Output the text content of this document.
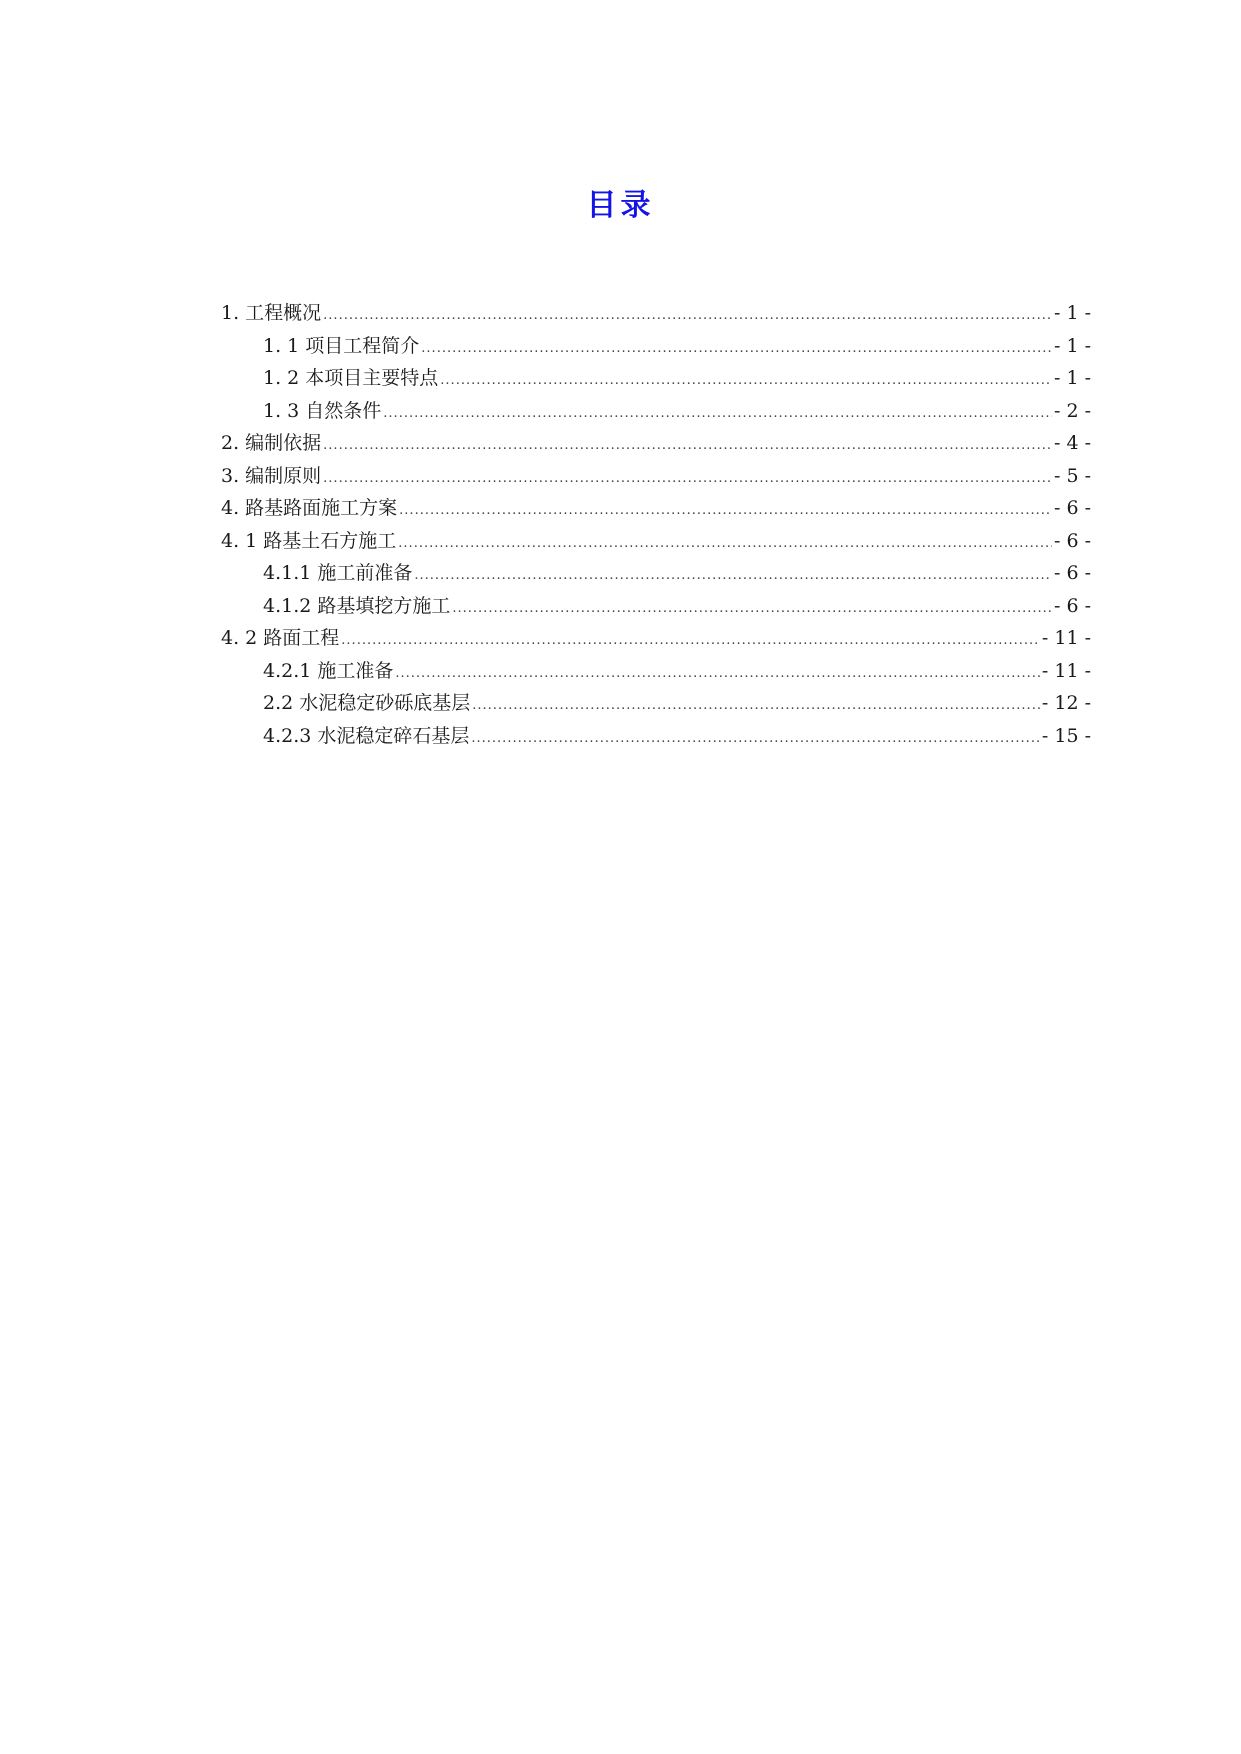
目录
1. 工程概况 .....	- 1 -
1. 1 项目工程简介 .....	- 1 -
1. 2 本项目主要特点 .....	- 1 -
1. 3 自然条件 .....	- 2 -
2. 编制依据 .....	- 4 -
3. 编制原则 .....	- 5 -
4. 路基路面施工方案 .....	- 6 -
4. 1 路基土石方施工 .....	- 6 -
4.1.1 施工前准备 .....	- 6 -
4.1.2 路基填挖方施工 .....	- 6 -
4. 2 路面工程 .....	- 11 -
4.2.1 施工准备 .....	- 11 -
2.2 水泥稳定砂砾底基层 .....	- 12 -
4.2.3 水泥稳定碎石基层 .....	- 15 -
